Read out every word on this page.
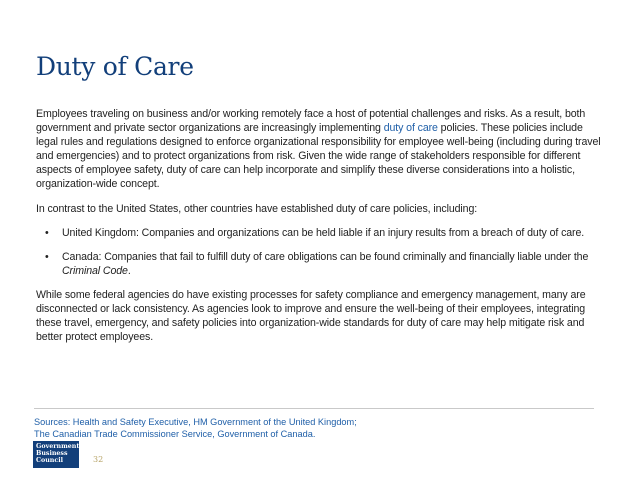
Duty of Care

Employees traveling on business and/or working remotely face a host of potential challenges and risks. As a result, both government and private sector organizations are increasingly implementing duty of care policies. These policies include legal rules and regulations designed to enforce organizational responsibility for employee well-being (including during travel and emergencies) and to protect organizations from risk. Given the wide range of stakeholders responsible for different aspects of employee safety, duty of care can help incorporate and simplify these diverse considerations into a holistic, organization-wide concept.

In contrast to the United States, other countries have established duty of care policies, including:

• United Kingdom: Companies and organizations can be held liable if an injury results from a breach of duty of care.
• Canada: Companies that fail to fulfill duty of care obligations can be found criminally and financially liable under the Criminal Code.

While some federal agencies do have existing processes for safety compliance and emergency management, many are disconnected or lack consistency. As agencies look to improve and ensure the well-being of their employees, integrating these travel, emergency, and safety policies into organization-wide standards for duty of care may help mitigate risk and better protect employees.

Sources: Health and Safety Executive, HM Government of the United Kingdom;
The Canadian Trade Commissioner Service, Government of Canada.
Government
Business
Council	32
